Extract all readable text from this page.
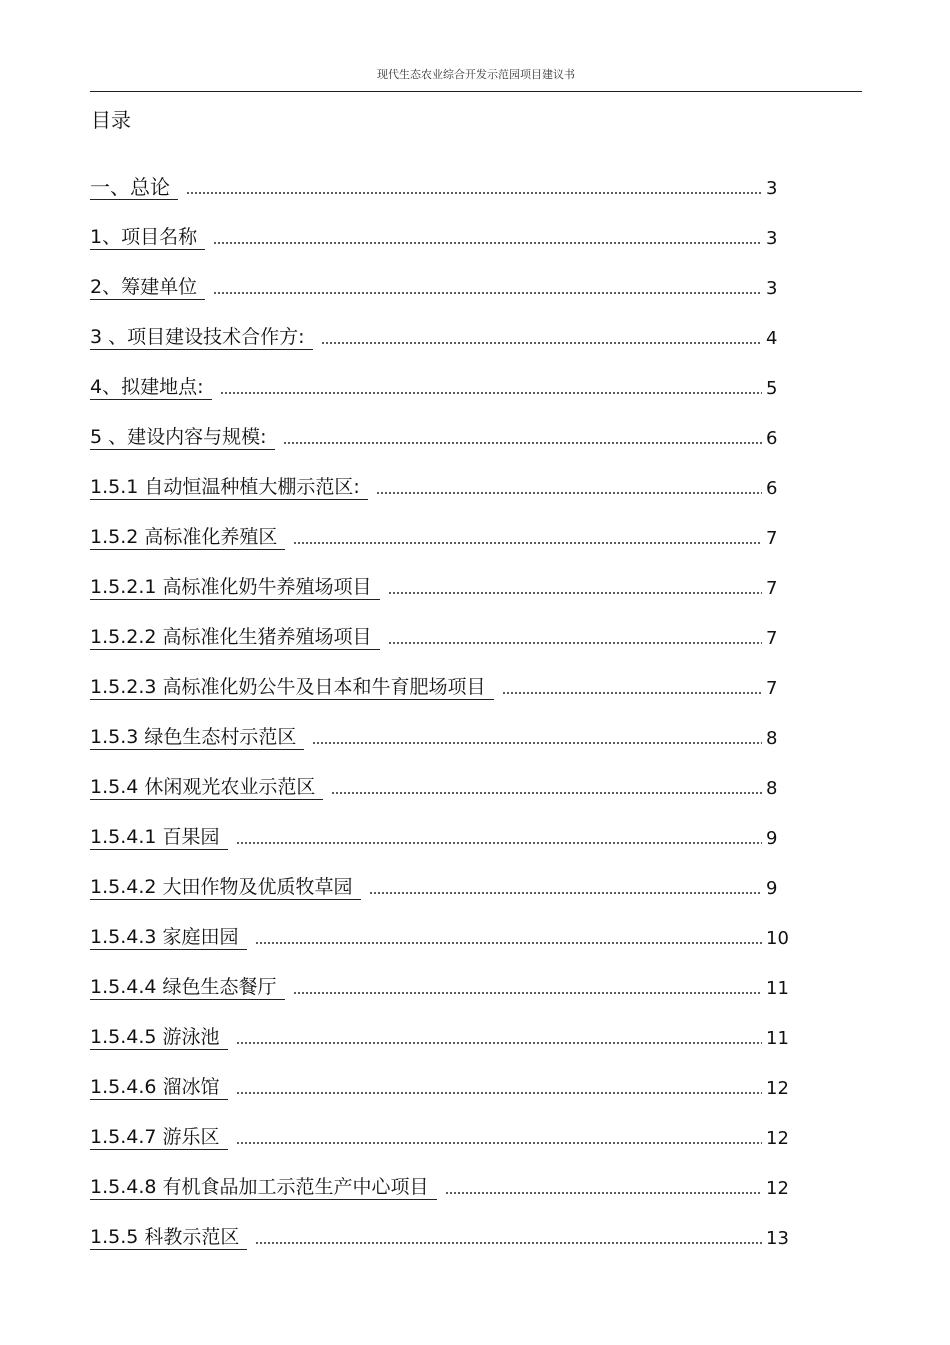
现代生态农业综合开发示范园项目建议书
目录
一、总论	3
1、项目名称	3
2、筹建单位	3
3 、项目建设技术合作方:	4
4、拟建地点:	5
5 、建设内容与规模:	6
1.5.1 自动恒温种植大棚示范区:	6
1.5.2 高标准化养殖区	7
1.5.2.1 高标准化奶牛养殖场项目	7
1.5.2.2 高标准化生猪养殖场项目	7
1.5.2.3 高标准化奶公牛及日本和牛育肥场项目	7
1.5.3 绿色生态村示范区	8
1.5.4 休闲观光农业示范区	8
1.5.4.1 百果园	9
1.5.4.2 大田作物及优质牧草园	9
1.5.4.3 家庭田园	10
1.5.4.4 绿色生态餐厅	11
1.5.4.5 游泳池	11
1.5.4.6 溜冰馆	12
1.5.4.7 游乐区	12
1.5.4.8 有机食品加工示范生产中心项目	12
1.5.5 科教示范区	13
